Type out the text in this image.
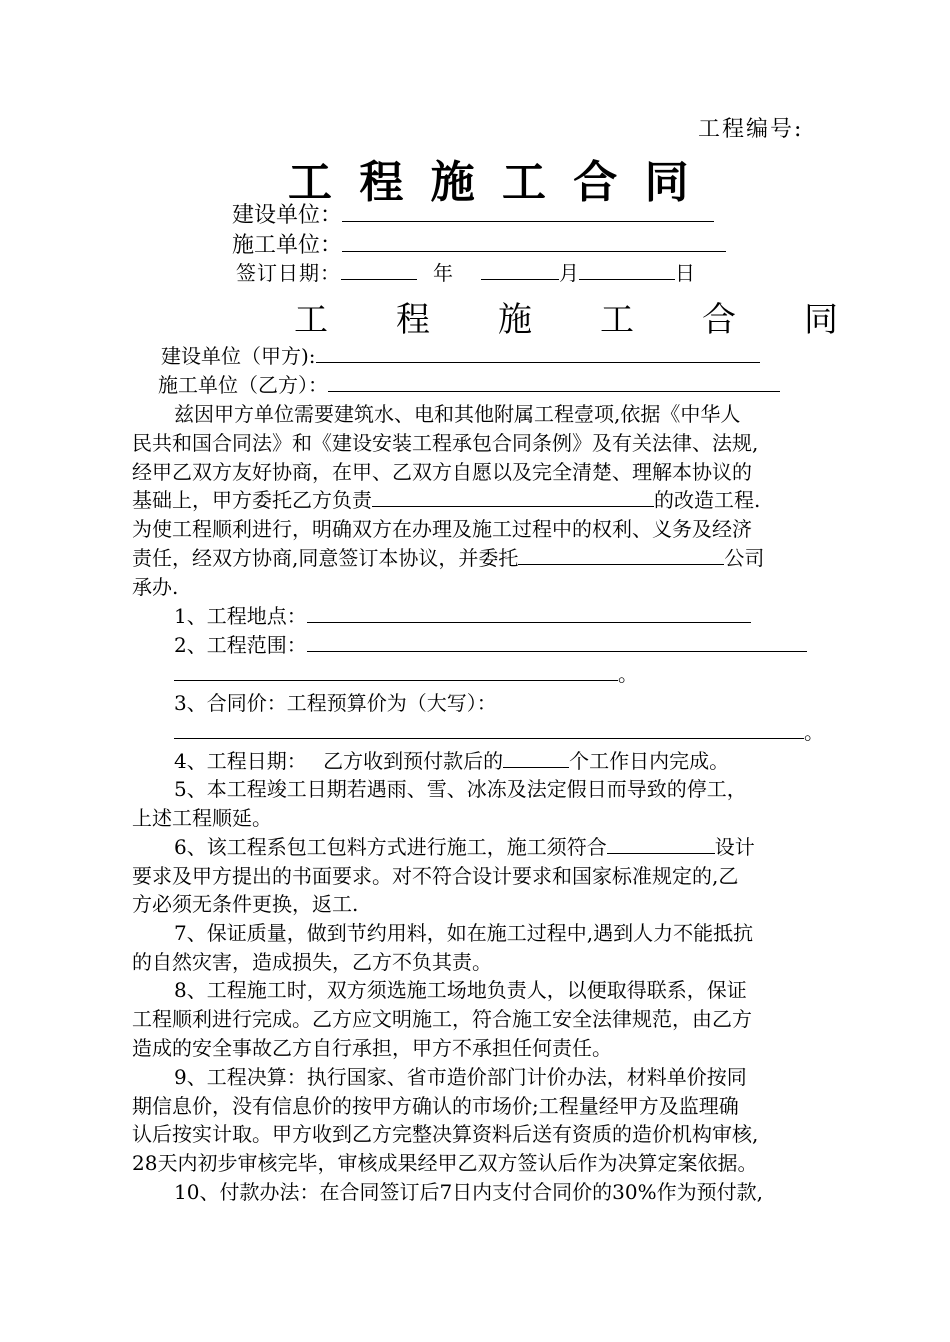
工程编号:
工 程 施 工 合 同
建设单位：
施工单位：
签订日期：	年	月	日
工　　程　　施　　工　　合　　同
建设单位（甲方):
施工单位（乙方）：
兹因甲方单位需要建筑水、电和其他附属工程壹项,依据《中华人
民共和国合同法》和《建设安装工程承包合同条例》及有关法律、法规,
经甲乙双方友好协商，在甲、乙双方自愿以及完全清楚、理解本协议的
基础上，甲方委托乙方负责	的改造工程.
为使工程顺利进行，明确双方在办理及施工过程中的权利、义务及经济
责任，经双方协商,同意签订本协议，并委托	公司
承办.
1、工程地点：
2、工程范围：
。
3、合同价：工程预算价为（大写）：
。
4、工程日期：　 乙方收到预付款后的	个工作日内完成。
5、本工程竣工日期若遇雨、雪、冰冻及法定假日而导致的停工，
上述工程顺延。
6、该工程系包工包料方式进行施工，施工须符合	设计
要求及甲方提出的书面要求。对不符合设计要求和国家标准规定的,乙
方必须无条件更换，返工.
7、保证质量，做到节约用料，如在施工过程中,遇到人力不能抵抗
的自然灾害，造成损失，乙方不负其责。
8、工程施工时，双方须选施工场地负责人，以便取得联系，保证
工程顺利进行完成。乙方应文明施工，符合施工安全法律规范，由乙方
造成的安全事故乙方自行承担，甲方不承担任何责任。
9、工程决算：执行国家、省市造价部门计价办法，材料单价按同
期信息价，没有信息价的按甲方确认的市场价;工程量经甲方及监理确
认后按实计取。甲方收到乙方完整决算资料后送有资质的造价机构审核,
28天内初步审核完毕，审核成果经甲乙双方签认后作为决算定案依据。
10、付款办法：在合同签订后7日内支付合同价的30%作为预付款,
